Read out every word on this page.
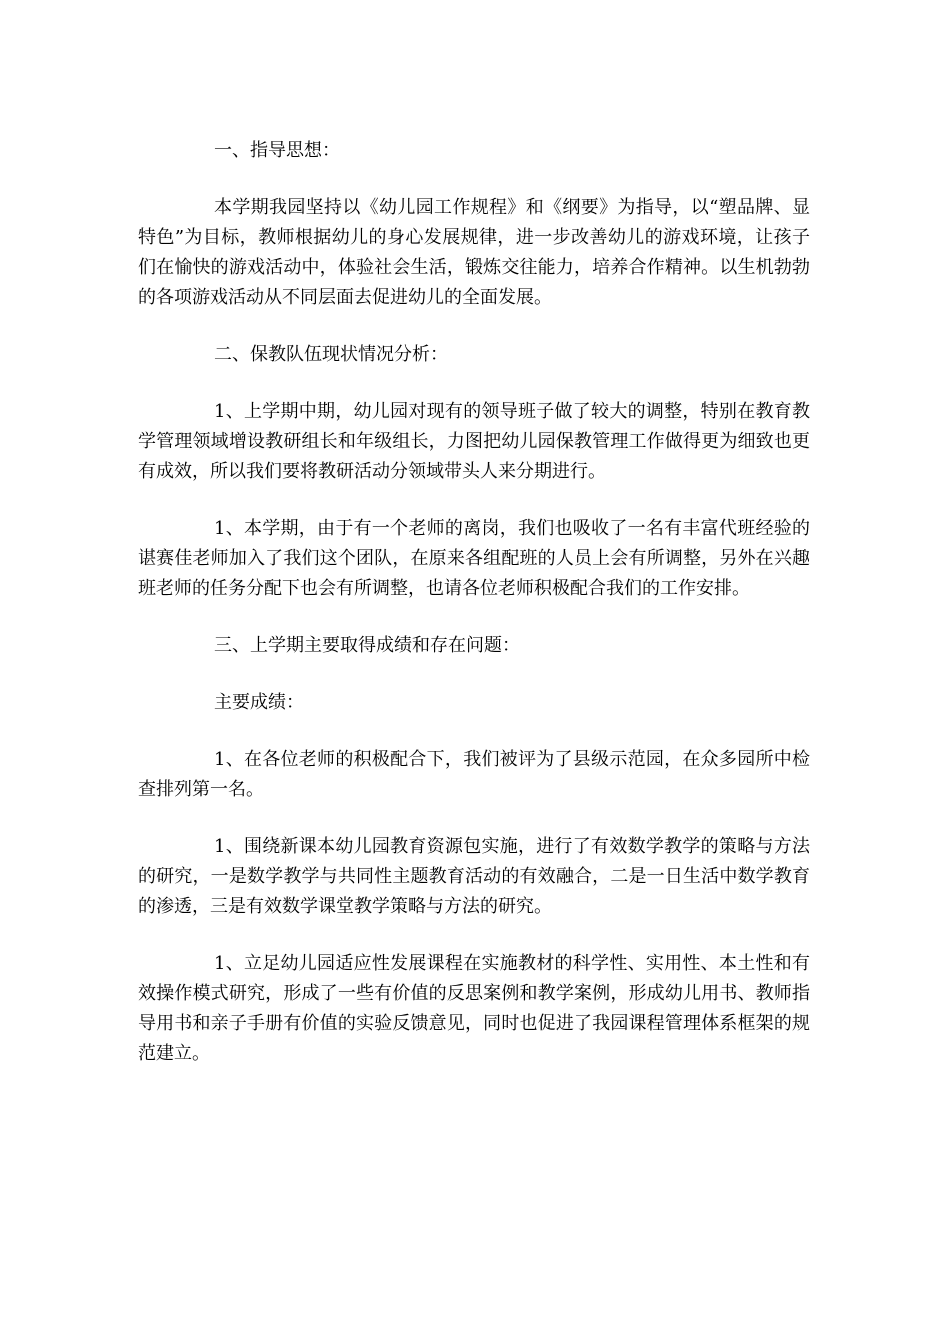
一、指导思想：

本学期我园坚持以《幼儿园工作规程》和《纲要》为指导，以“塑品牌、显特色”为目标，教师根据幼儿的身心发展规律，进一步改善幼儿的游戏环境，让孩子们在愉快的游戏活动中，体验社会生活，锻炼交往能力，培养合作精神。以生机勃勃的各项游戏活动从不同层面去促进幼儿的全面发展。

二、保教队伍现状情况分析：

1、上学期中期，幼儿园对现有的领导班子做了较大的调整，特别在教育教学管理领域增设教研组长和年级组长，力图把幼儿园保教管理工作做得更为细致也更有成效，所以我们要将教研活动分领域带头人来分期进行。

1、本学期，由于有一个老师的离岗，我们也吸收了一名有丰富代班经验的谌赛佳老师加入了我们这个团队，在原来各组配班的人员上会有所调整，另外在兴趣班老师的任务分配下也会有所调整，也请各位老师积极配合我们的工作安排。

三、上学期主要取得成绩和存在问题：

主要成绩：

1、在各位老师的积极配合下，我们被评为了县级示范园，在众多园所中检查排列第一名。

1、围绕新课本幼儿园教育资源包实施，进行了有效数学教学的策略与方法的研究，一是数学教学与共同性主题教育活动的有效融合，二是一日生活中数学教育的渗透，三是有效数学课堂教学策略与方法的研究。

1、立足幼儿园适应性发展课程在实施教材的科学性、实用性、本土性和有效操作模式研究，形成了一些有价值的反思案例和教学案例，形成幼儿用书、教师指导用书和亲子手册有价值的实验反馈意见，同时也促进了我园课程管理体系框架的规范建立。
